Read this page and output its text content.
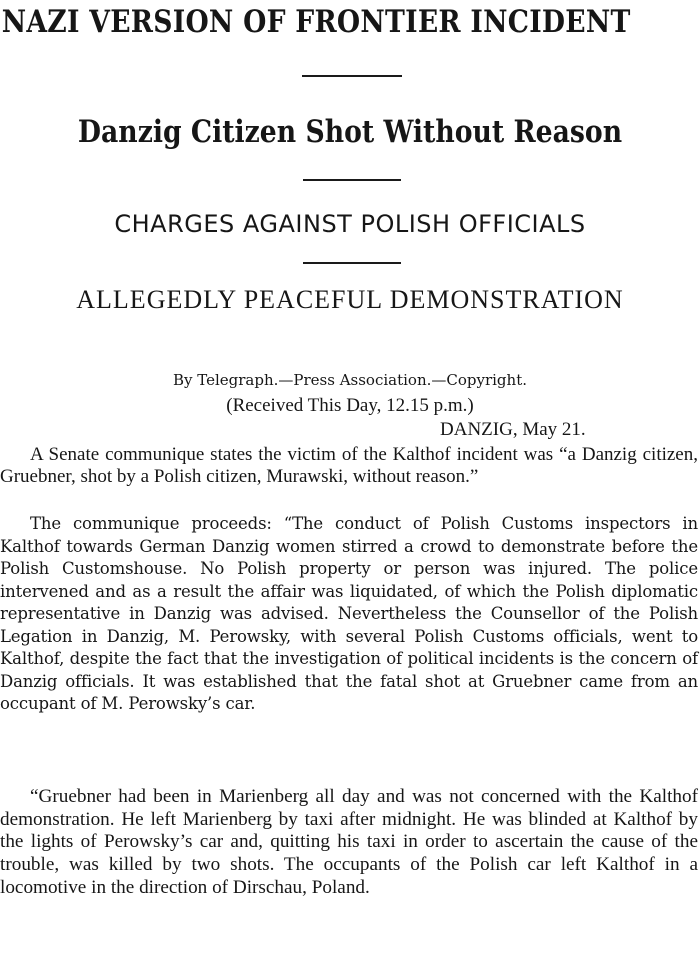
NAZI VERSION OF FRONTIER INCIDENT
Danzig Citizen Shot Without Reason
CHARGES AGAINST POLISH OFFICIALS
ALLEGEDLY PEACEFUL DEMONSTRATION
By Telegraph.—Press Association.—Copyright.
(Received This Day, 12.15 p.m.)
DANZIG, May 21.

A Senate communique states the victim of the Kalthof incident was “a Danzig citizen, Gruebner, shot by a Polish citizen, Murawski, without reason.”

The communique proceeds: “The conduct of Polish Customs inspectors in Kalthof towards German Danzig women stirred a crowd to demonstrate before the Polish Customshouse. No Polish property or person was injured. The police intervened and as a result the affair was liquidated, of which the Polish diplomatic representative in Danzig was advised. Nevertheless the Counsellor of the Polish Legation in Danzig, M. Perowsky, with several Polish Customs officials, went to Kalthof, despite the fact that the investigation of political incidents is the concern of Danzig officials. It was established that the fatal shot at Gruebner came from an occupant of M. Perowsky’s car.

“Gruebner had been in Marienberg all day and was not concerned with the Kalthof demonstration. He left Marienberg by taxi after midnight. He was blinded at Kalthof by the lights of Perowsky’s car and, quitting his taxi in order to ascertain the cause of the trouble, was killed by two shots. The occupants of the Polish car left Kalthof in a locomotive in the direction of Dirschau, Poland.
